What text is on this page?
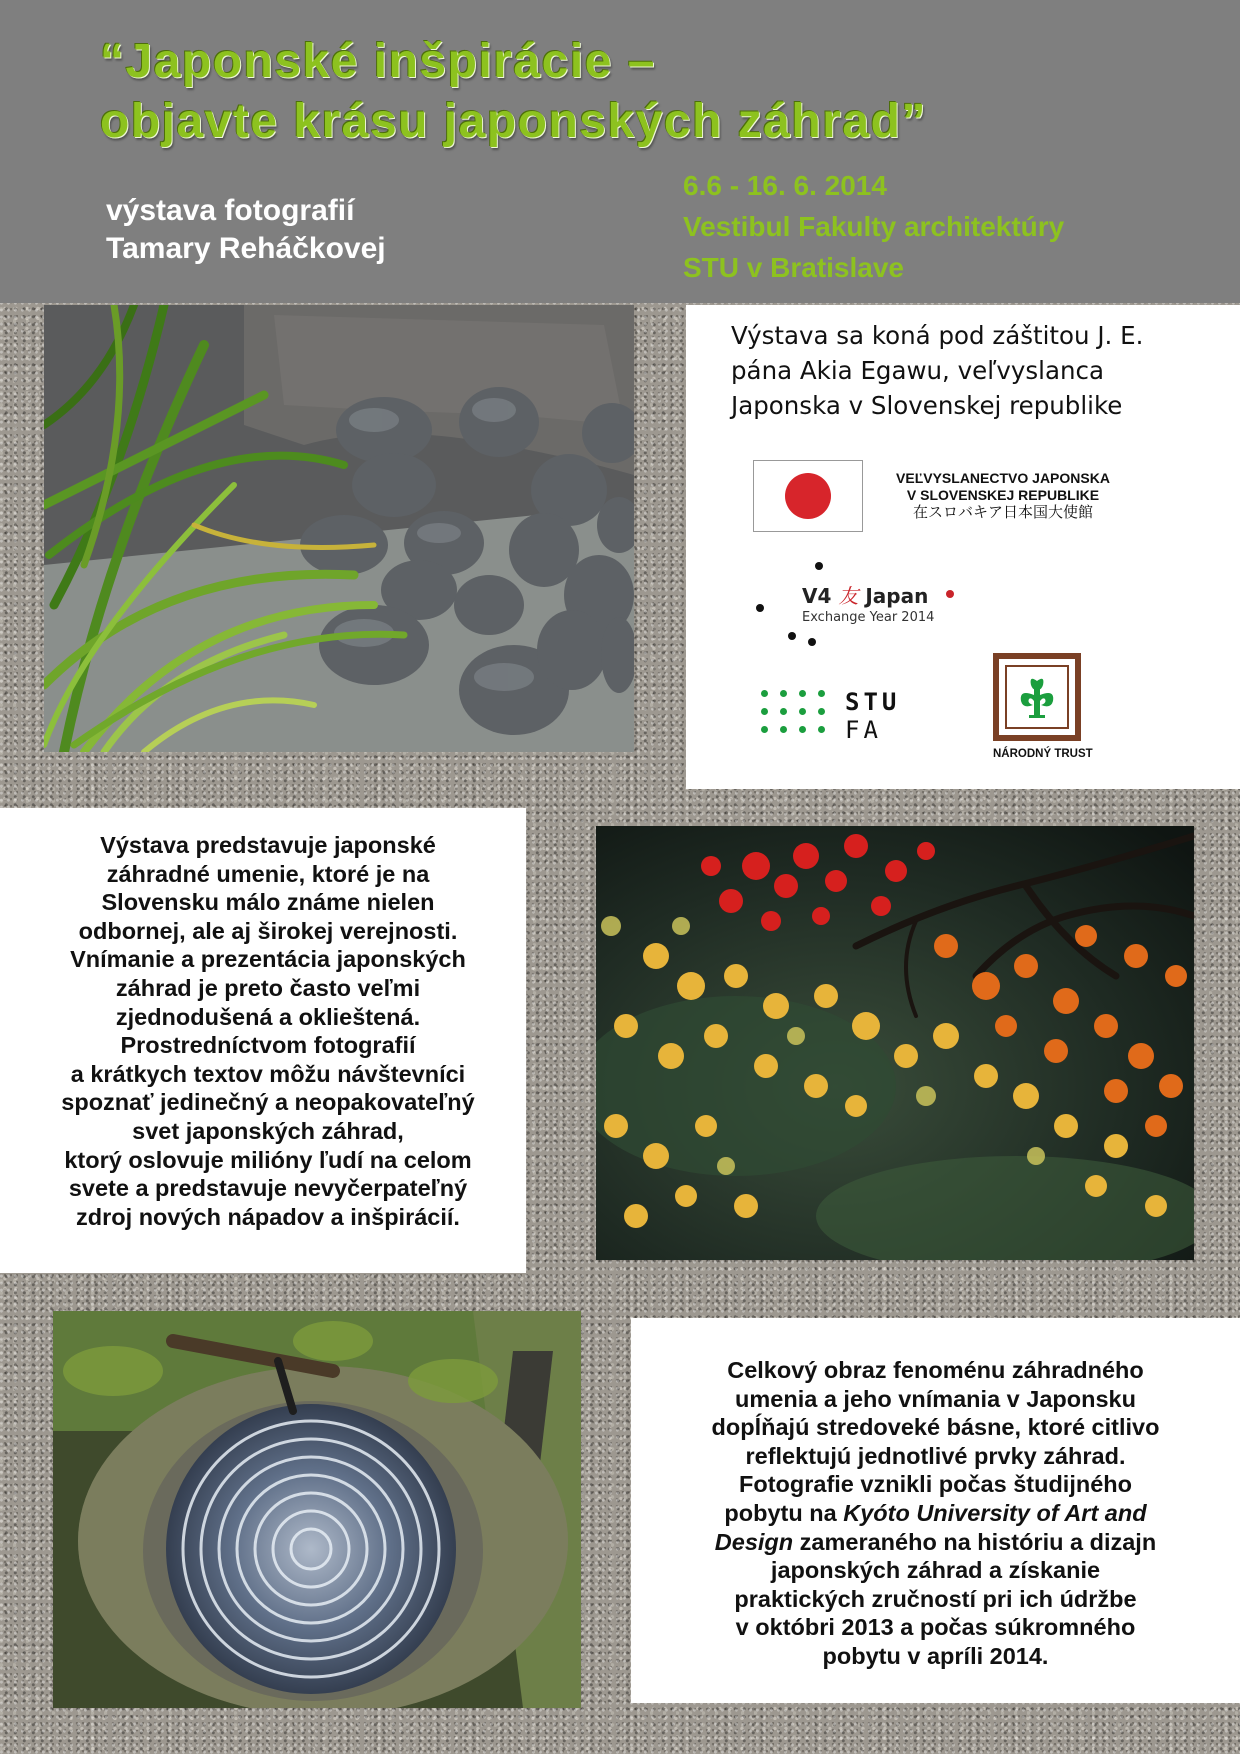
“Japonské inšpirácie –
objavte krásu japonských záhrad”
výstava fotografií
Tamary Reháčkovej
6.6 - 16. 6. 2014
Vestibul Fakulty architektúry
STU v Bratislave
Výstava sa koná pod záštitou J. E.
pána Akia Egawu, veľvyslanca
Japonska v Slovenskej republike
VEĽVYSLANECTVO JAPONSKA
V SLOVENSKEJ REPUBLIKE
在スロバキア日本国大使館
V4 友 Japan
Exchange Year 2014
STU
FA
NÁRODNÝ TRUST
Výstava predstavuje japonské
záhradné umenie, ktoré je na
Slovensku málo známe nielen
odbornej, ale aj širokej verejnosti.
Vnímanie a prezentácia japonských
záhrad je preto často veľmi
zjednodušená a oklieštená.
Prostredníctvom fotografií
a krátkych textov môžu návštevníci
spoznať jedinečný a neopakovateľný
svet japonských záhrad,
ktorý oslovuje milióny ľudí na celom
svete a predstavuje nevyčerpateľný
zdroj nových nápadov a inšpirácií.
Celkový obraz fenoménu záhradného
umenia a jeho vnímania v Japonsku
dopĺňajú stredoveké básne, ktoré citlivo
reflektujú jednotlivé prvky záhrad.
Fotografie vznikli počas študijného
pobytu na Kyóto University of Art and
Design zameraného na históriu a dizajn
japonských záhrad a získanie
praktických zručností pri ich údržbe
v októbri 2013 a počas súkromného
pobytu v apríli 2014.
